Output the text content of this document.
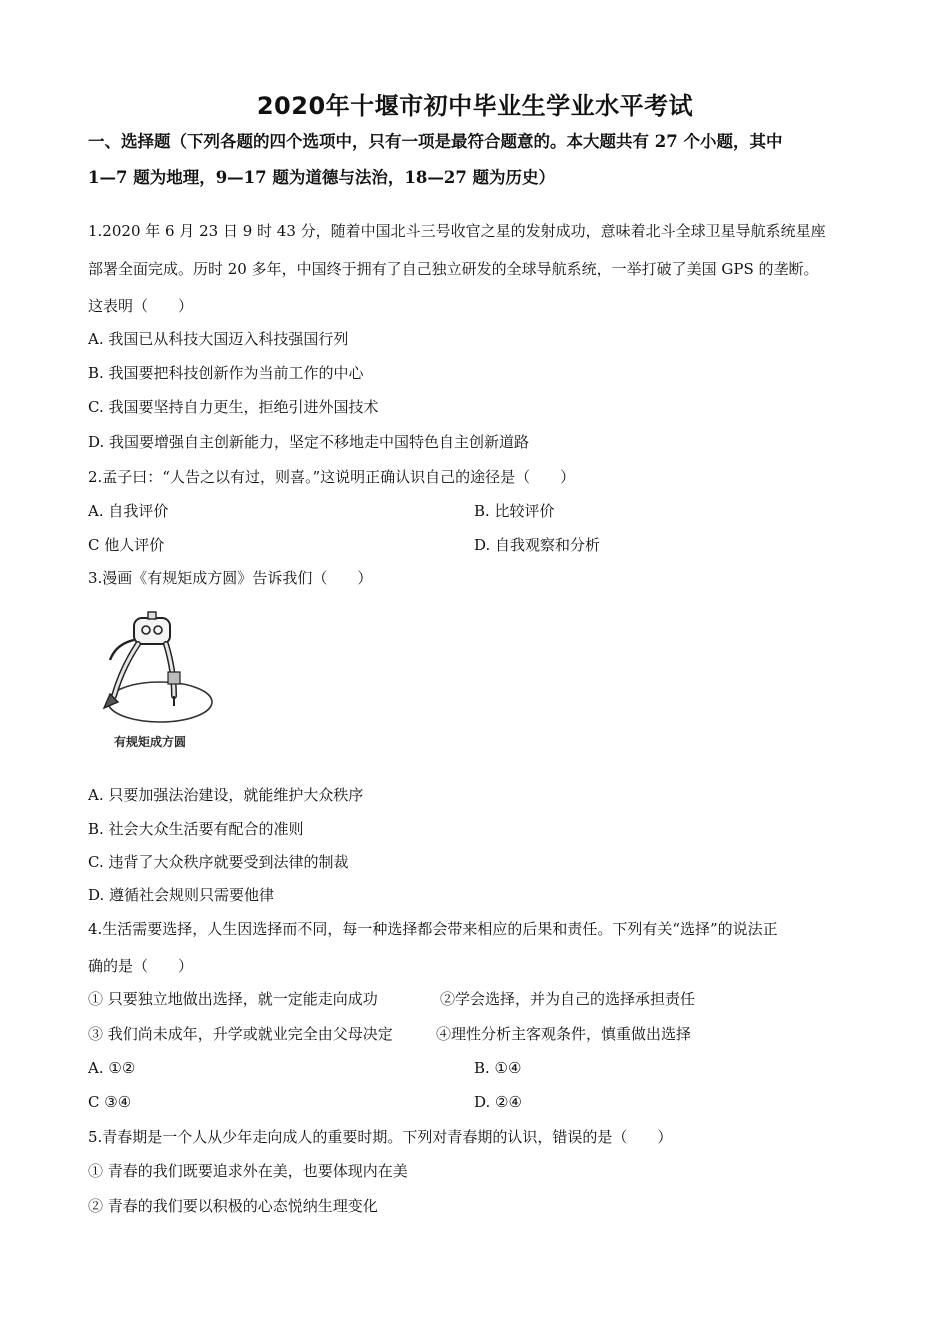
2020年十堰市初中毕业生学业水平考试
一、选择题（下列各题的四个选项中，只有一项是最符合题意的。本大题共有 27 个小题，其中
1—7 题为地理，9—17 题为道德与法治，18—27 题为历史）
1.2020 年 6 月 23 日 9 时 43 分，随着中国北斗三号收官之星的发射成功，意味着北斗全球卫星导航系统星座
部署全面完成。历时 20 多年，中国终于拥有了自己独立研发的全球导航系统，一举打破了美国 GPS 的垄断。
这表明（　　）
A. 我国已从科技大国迈入科技强国行列
B. 我国要把科技创新作为当前工作的中心
C. 我国要坚持自力更生，拒绝引进外国技术
D. 我国要增强自主创新能力，坚定不移地走中国特色自主创新道路
2.孟子曰：“人告之以有过，则喜。”这说明正确认识自己的途径是（　　）
A. 自我评价	B. 比较评价
C 他人评价	D. 自我观察和分析
3.漫画《有规矩成方圆》告诉我们（　　）
有规矩成方圆
A. 只要加强法治建设，就能维护大众秩序
B. 社会大众生活要有配合的准则
C. 违背了大众秩序就要受到法律的制裁
D. 遵循社会规则只需要他律
4.生活需要选择，人生因选择而不同，每一种选择都会带来相应的后果和责任。下列有关“选择”的说法正
确的是（　　）
① 只要独立地做出选择，就一定能走向成功	②学会选择，并为自己的选择承担责任
③ 我们尚未成年，升学或就业完全由父母决定	④理性分析主客观条件，慎重做出选择
A. ①②	B. ①④
C ③④	D. ②④
5.青春期是一个人从少年走向成人的重要时期。下列对青春期的认识，错误的是（　　）
① 青春的我们既要追求外在美，也要体现内在美
② 青春的我们要以积极的心态悦纳生理变化
